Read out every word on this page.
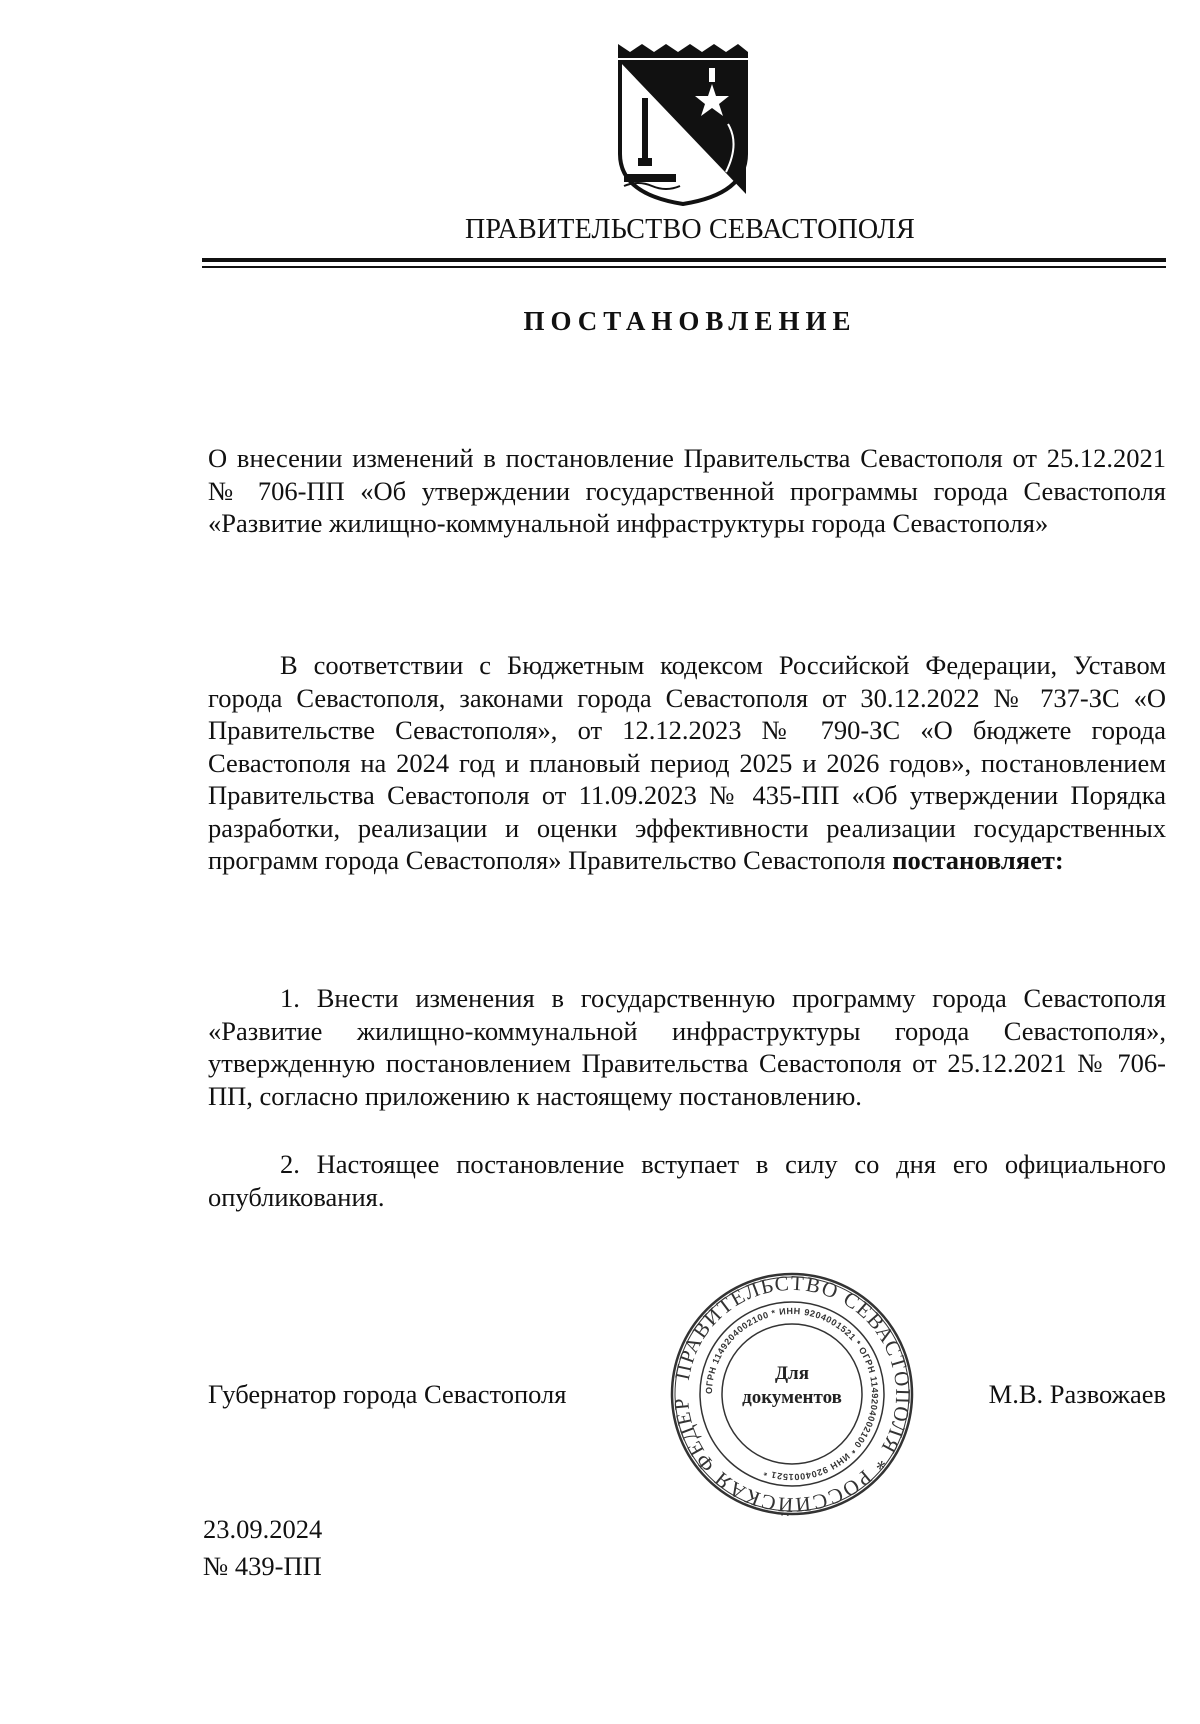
ПРАВИТЕЛЬСТВО СЕВАСТОПОЛЯ
ПОСТАНОВЛЕНИЕ
О внесении изменений в постановление Правительства Севастополя от 25.12.2021 № 706-ПП «Об утверждении государственной программы города Севастополя «Развитие жилищно-коммунальной инфраструктуры города Севастополя»
В соответствии с Бюджетным кодексом Российской Федерации, Уставом города Севастополя, законами города Севастополя от 30.12.2022 № 737-ЗС «О Правительстве Севастополя», от 12.12.2023 № 790-ЗС «О бюджете города Севастополя на 2024 год и плановый период 2025 и 2026 годов», постановлением Правительства Севастополя от 11.09.2023 № 435-ПП «Об утверждении Порядка разработки, реализации и оценки эффективности реализации государственных программ города Севастополя» Правительство Севастополя постановляет:
1. Внести изменения в государственную программу города Севастополя «Развитие жилищно-коммунальной инфраструктуры города Севастополя», утвержденную постановлением Правительства Севастополя от 25.12.2021 № 706-ПП, согласно приложению к настоящему постановлению.
2. Настоящее постановление вступает в силу со дня его официального опубликования.
ПРАВИТЕЛЬСТВО СЕВАСТОПОЛЯ * РОССИЙСКАЯ ФЕДЕР
ОГРН 1149204002100 * ИНН 9204001521 * ОГРН 1149204002100 * ИНН 9204001521 *
Для
документов
Губернатор города Севастополя	М.В. Развожаев
23.09.2024
№ 439-ПП
